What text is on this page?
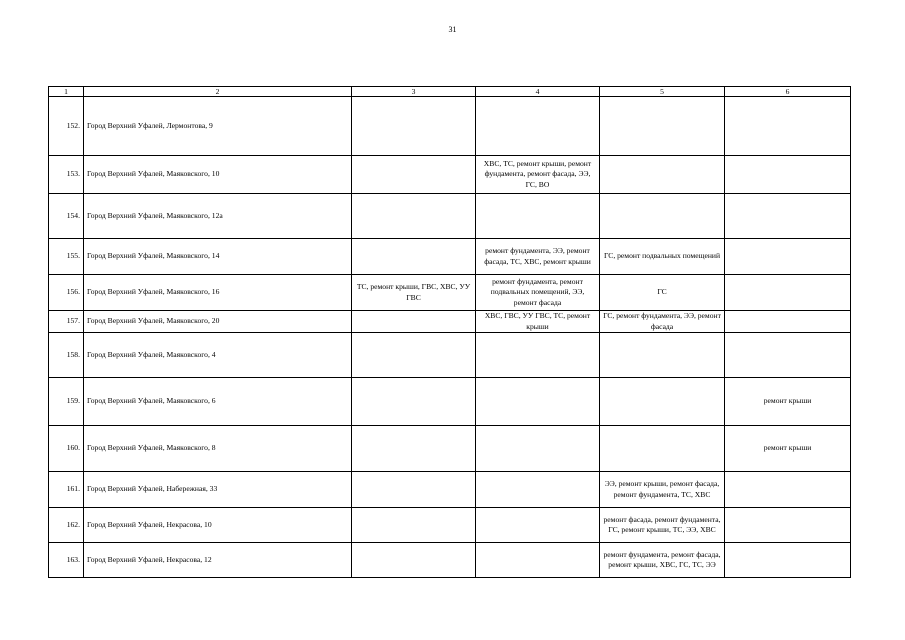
31
1	2	3	4	5	6
152.	Город Верхний Уфалей, Лермонтова, 9				
153.	Город Верхний Уфалей, Маяковского, 10		ХВС, ТС, ремонт крыши, ремонт фундамента, ремонт фасада, ЭЭ, ГС, ВО		
154.	Город Верхний Уфалей, Маяковского, 12а				
155.	Город Верхний Уфалей, Маяковского, 14		ремонт фундамента, ЭЭ, ремонт фасада, ТС, ХВС, ремонт крыши	ГС, ремонт подвальных помещений	
156.	Город Верхний Уфалей, Маяковского, 16	ТС, ремонт крыши, ГВС, ХВС, УУ ГВС	ремонт фундамента, ремонт подвальных помещений, ЭЭ, ремонт фасада	ГС	
157.	Город Верхний Уфалей, Маяковского, 20		ХВС, ГВС, УУ ГВС, ТС, ремонт крыши	ГС, ремонт фундамента, ЭЭ, ремонт фасада	
158.	Город Верхний Уфалей, Маяковского, 4				
159.	Город Верхний Уфалей, Маяковского, 6				ремонт крыши
160.	Город Верхний Уфалей, Маяковского, 8				ремонт крыши
161.	Город Верхний Уфалей, Набережная, 33			ЭЭ, ремонт крыши, ремонт фасада, ремонт фундамента, ТС, ХВС	
162.	Город Верхний Уфалей, Некрасова, 10			ремонт фасада, ремонт фундамента, ГС, ремонт крыши, ТС, ЭЭ, ХВС	
163.	Город Верхний Уфалей, Некрасова, 12			ремонт фундамента, ремонт фасада, ремонт крыши, ХВС, ГС, ТС, ЭЭ	
